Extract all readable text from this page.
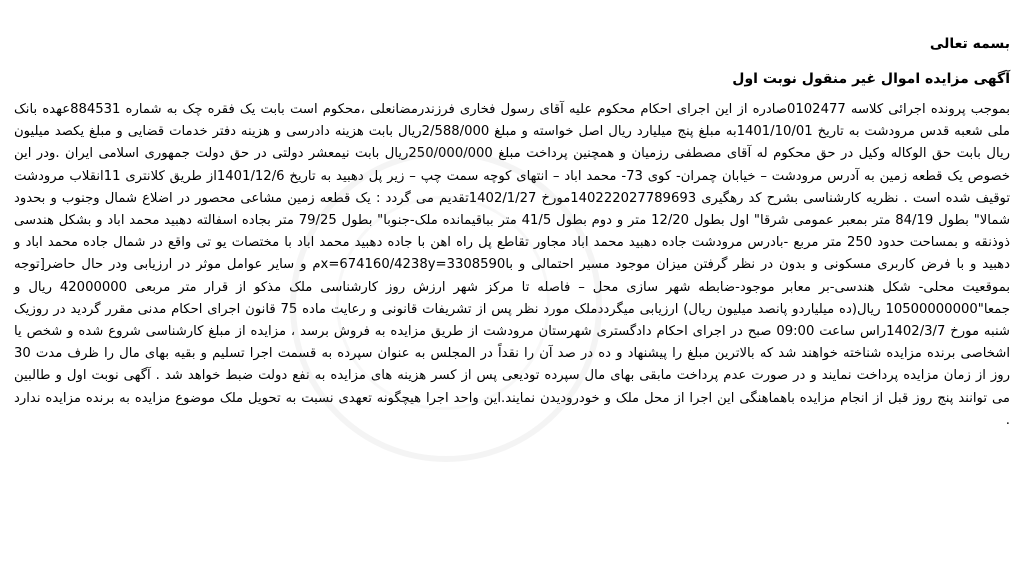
بسمه تعالی
آگهی مزایده اموال غیر منقول نوبت اول

بموجب پرونده اجرائی کلاسه 0102477صادره از این اجرای احکام محکوم علیه آقای رسول فخاری فرزندرمضانعلی ،محکوم است بابت یک فقره چک به شماره 884531عهده بانک ملی شعبه قدس مرودشت به تاریخ 1401/10/01به مبلغ پنج میلیارد ریال اصل خواسته و مبلغ 2/588/000ریال بابت هزینه دادرسی و هزینه دفتر خدمات قضایی و مبلغ یکصد میلیون ریال بابت حق الوکاله وکیل در حق محکوم له آقای مصطفی رزمیان و همچنین پرداخت مبلغ 250/000/000ریال بابت نیمعشر دولتی در حق دولت جمهوری اسلامی ایران .ودر این خصوص یک قطعه زمین به آدرس مرودشت – خیابان چمران- کوی 73- محمد اباد – انتهای کوچه سمت چپ – زیر پل دهبید به تاریخ 1401/12/6از طریق کلانتری 11انقلاب مرودشت توقیف شده است . نظریه کارشناسی بشرح کد رهگیری 140222027789693مورخ 1402/1/27تقدیم می گردد : یک قطعه زمین مشاعی محصور در اضلاع شمال وجنوب و بحدود شمالا" بطول 84/19 متر بمعبر عمومی شرقا" اول بطول 12/20 متر و دوم بطول 41/5 متر بباقیمانده ملک-جنوبا" بطول 79/25 متر بجاده اسفالته دهبید محمد اباد و بشکل هندسی ذوذنقه و بمساحت حدود 250 متر مربع -بادرس مرودشت جاده دهبید محمد اباد مجاور تقاطع پل راه اهن با جاده دهبید محمد اباد با مختصات یو تی واقع در شمال جاده محمد اباد و دهبید و با فرض کاربری مسکونی و بدون در نظر گرفتن میزان موجود مسیر احتمالی و باx=674160/4238y=3308590م و سایر عوامل موثر در ارزیابی ودر حال حاضر[توجه بموقعیت محلی- شکل هندسی-بر معابر موجود-ضابطه شهر سازی محل – فاصله تا مرکز شهر ارزش روز کارشناسی ملک مذکو از قرار متر مربعی 42000000 ریال و جمعا"10500000000 ریال(ده میلیاردو پانصد میلیون ریال) ارزیابی میگرددملک مورد نظر پس از تشریفات قانونی و رعایت ماده 75 قانون اجرای احکام مدنی مقرر گردید در روزیک شنبه مورخ 1402/3/7راس ساعت 09:00 صبح در اجرای احکام دادگستری شهرستان مرودشت از طریق مزایده به فروش برسد ، مزایده از مبلغ کارشناسی شروع شده و شخص یا اشخاصی برنده مزایده شناخته خواهند شد که بالاترین مبلغ را پیشنهاد و ده در صد آن را نقداً در المجلس به عنوان سپرده به قسمت اجرا تسلیم و بقیه بهای مال را ظرف مدت 30 روز از زمان مزایده پرداخت نمایند و در صورت عدم پرداخت مابقی بهای مال سپرده تودیعی پس از کسر هزینه های مزایده به نفع دولت ضبط خواهد شد . آگهی نوبت اول و طالبین می توانند پنج روز قبل از انجام مزایده باهماهنگی این اجرا از محل ملک و خودرودیدن نمایند.این واحد اجرا هیچگونه تعهدی نسبت به تحویل ملک موضوع مزایده به برنده مزایده ندارد .
